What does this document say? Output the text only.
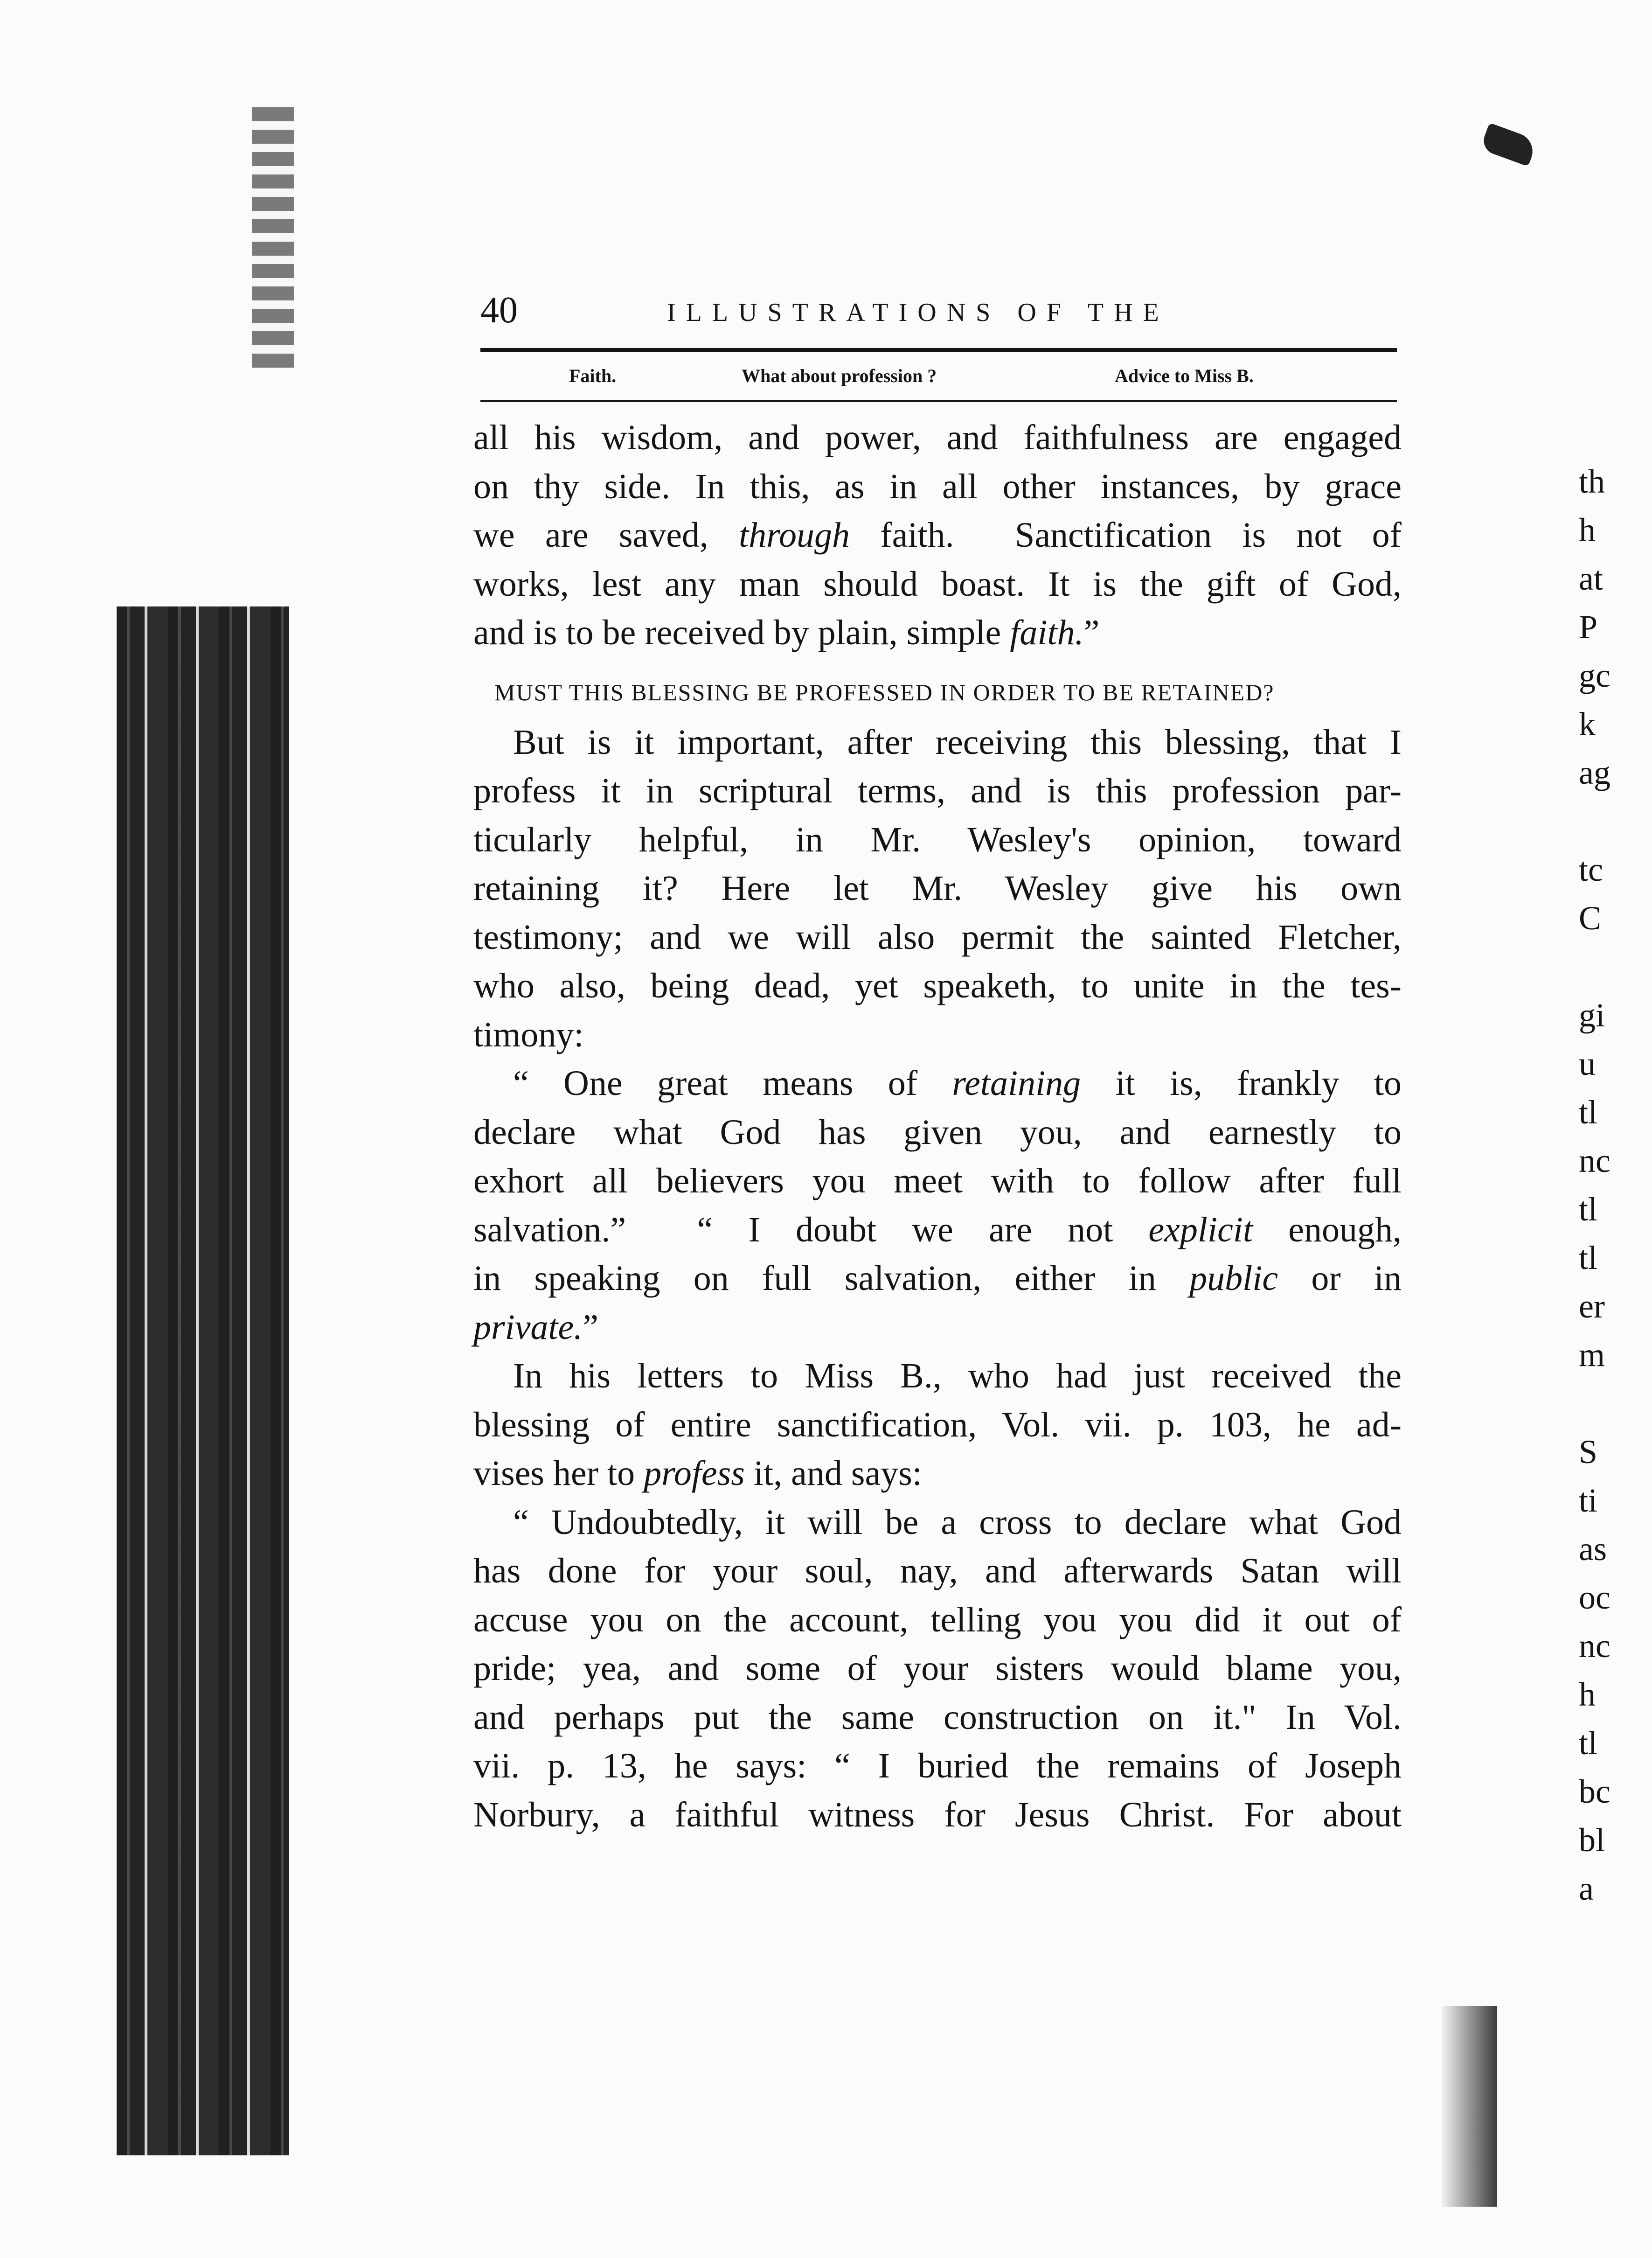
40	ILLUSTRATIONS OF THE
Faith.	What about profession ?	Advice to Miss B.
all his wisdom, and power, and faithfulness are engaged
on thy side. In this, as in all other instances, by grace
we are saved, through faith.  Sanctification is not of
works, lest any man should boast. It is the gift of God,
and is to be received by plain, simple faith.”
MUST THIS BLESSING BE PROFESSED IN ORDER TO BE RETAINED?
But is it important, after receiving this blessing, that I
profess it in scriptural terms, and is this profession par-
ticularly helpful, in Mr. Wesley's opinion, toward
retaining it? Here let Mr. Wesley give his own
testimony; and we will also permit the sainted Fletcher,
who also, being dead, yet speaketh, to unite in the tes-
timony:
“ One great means of retaining it is, frankly to
declare what God has given you, and earnestly to
exhort all believers you meet with to follow after full
salvation.”  “ I doubt we are not explicit enough,
in speaking on full salvation, either in public or in
private.”
In his letters to Miss B., who had just received the
blessing of entire sanctification, Vol. vii. p. 103, he ad-
vises her to profess it, and says:
“ Undoubtedly, it will be a cross to declare what God
has done for your soul, nay, and afterwards Satan will
accuse you on the account, telling you you did it out of
pride; yea, and some of your sisters would blame you,
and perhaps put the same construction on it." In Vol.
vii. p. 13, he says: “ I buried the remains of Joseph
Norbury, a faithful witness for Jesus Christ. For about
th
h
at
P
gc
k
ag
tc
C
gi
u
tl
nc
tl
tl
er
m
S
ti
as
oc
nc
h
tl
bc
bl
a
